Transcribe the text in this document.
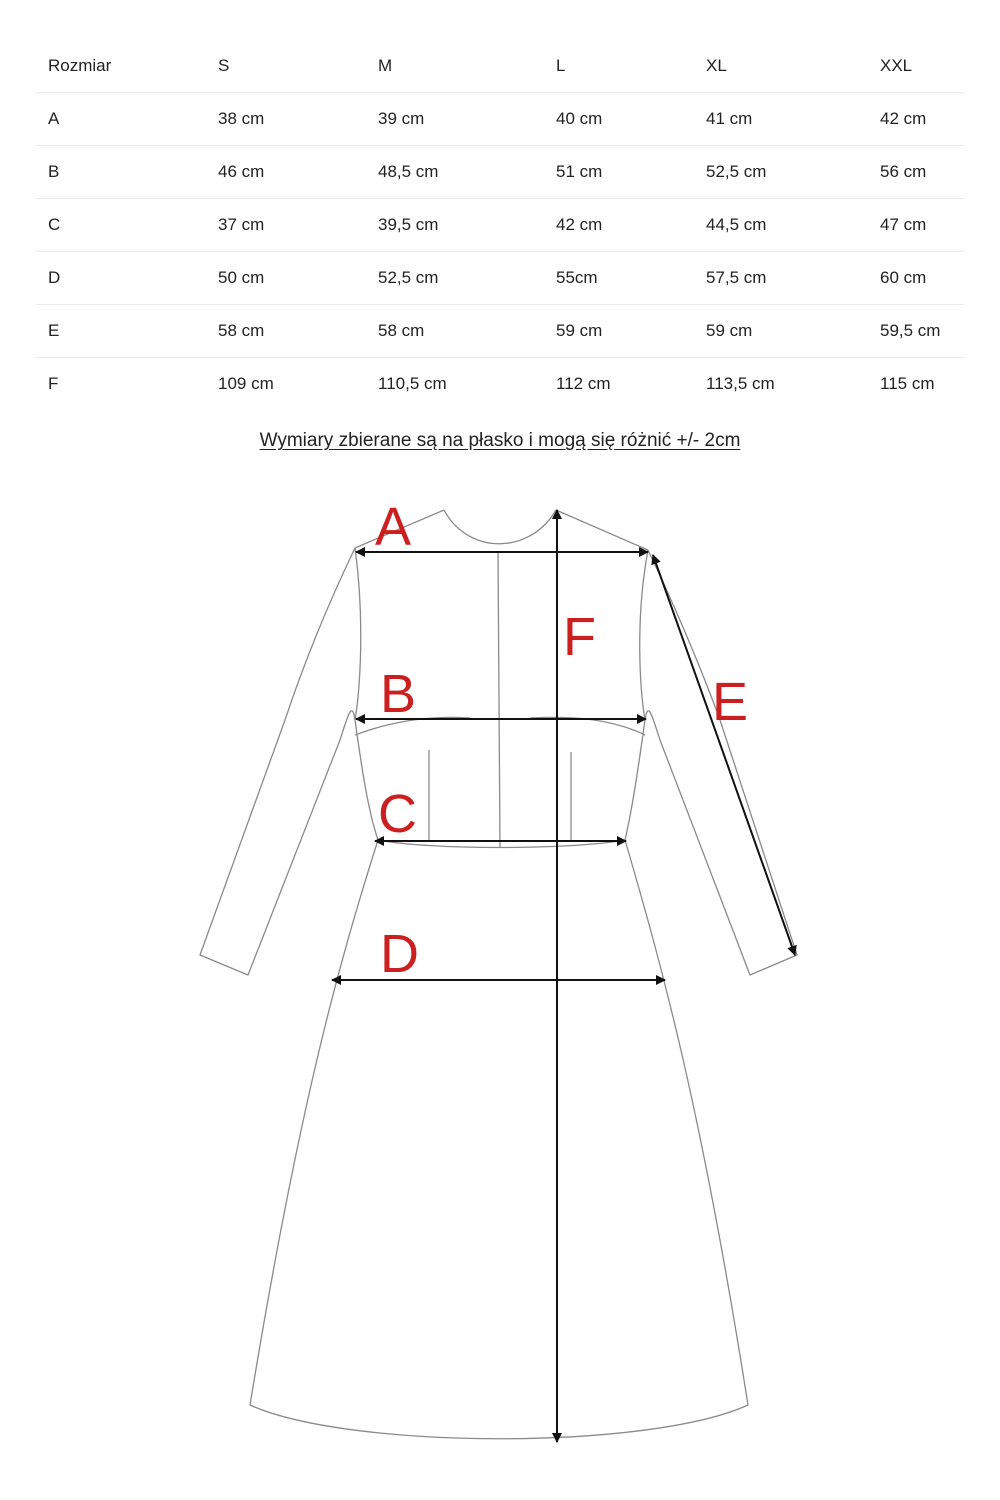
Rozmiar	S	M	L	XL	XXL
A	38 cm	39 cm	40 cm	41 cm	42 cm
B	46 cm	48,5 cm	51 cm	52,5 cm	56 cm
C	37 cm	39,5 cm	42 cm	44,5 cm	47 cm
D	50 cm	52,5 cm	55cm	57,5 cm	60 cm
E	58 cm	58 cm	59 cm	59 cm	59,5 cm
F	109 cm	110,5 cm	112 cm	113,5 cm	115 cm
Wymiary zbierane są na płasko i mogą się różnić +/- 2cm
A
B
C
D
E
F
